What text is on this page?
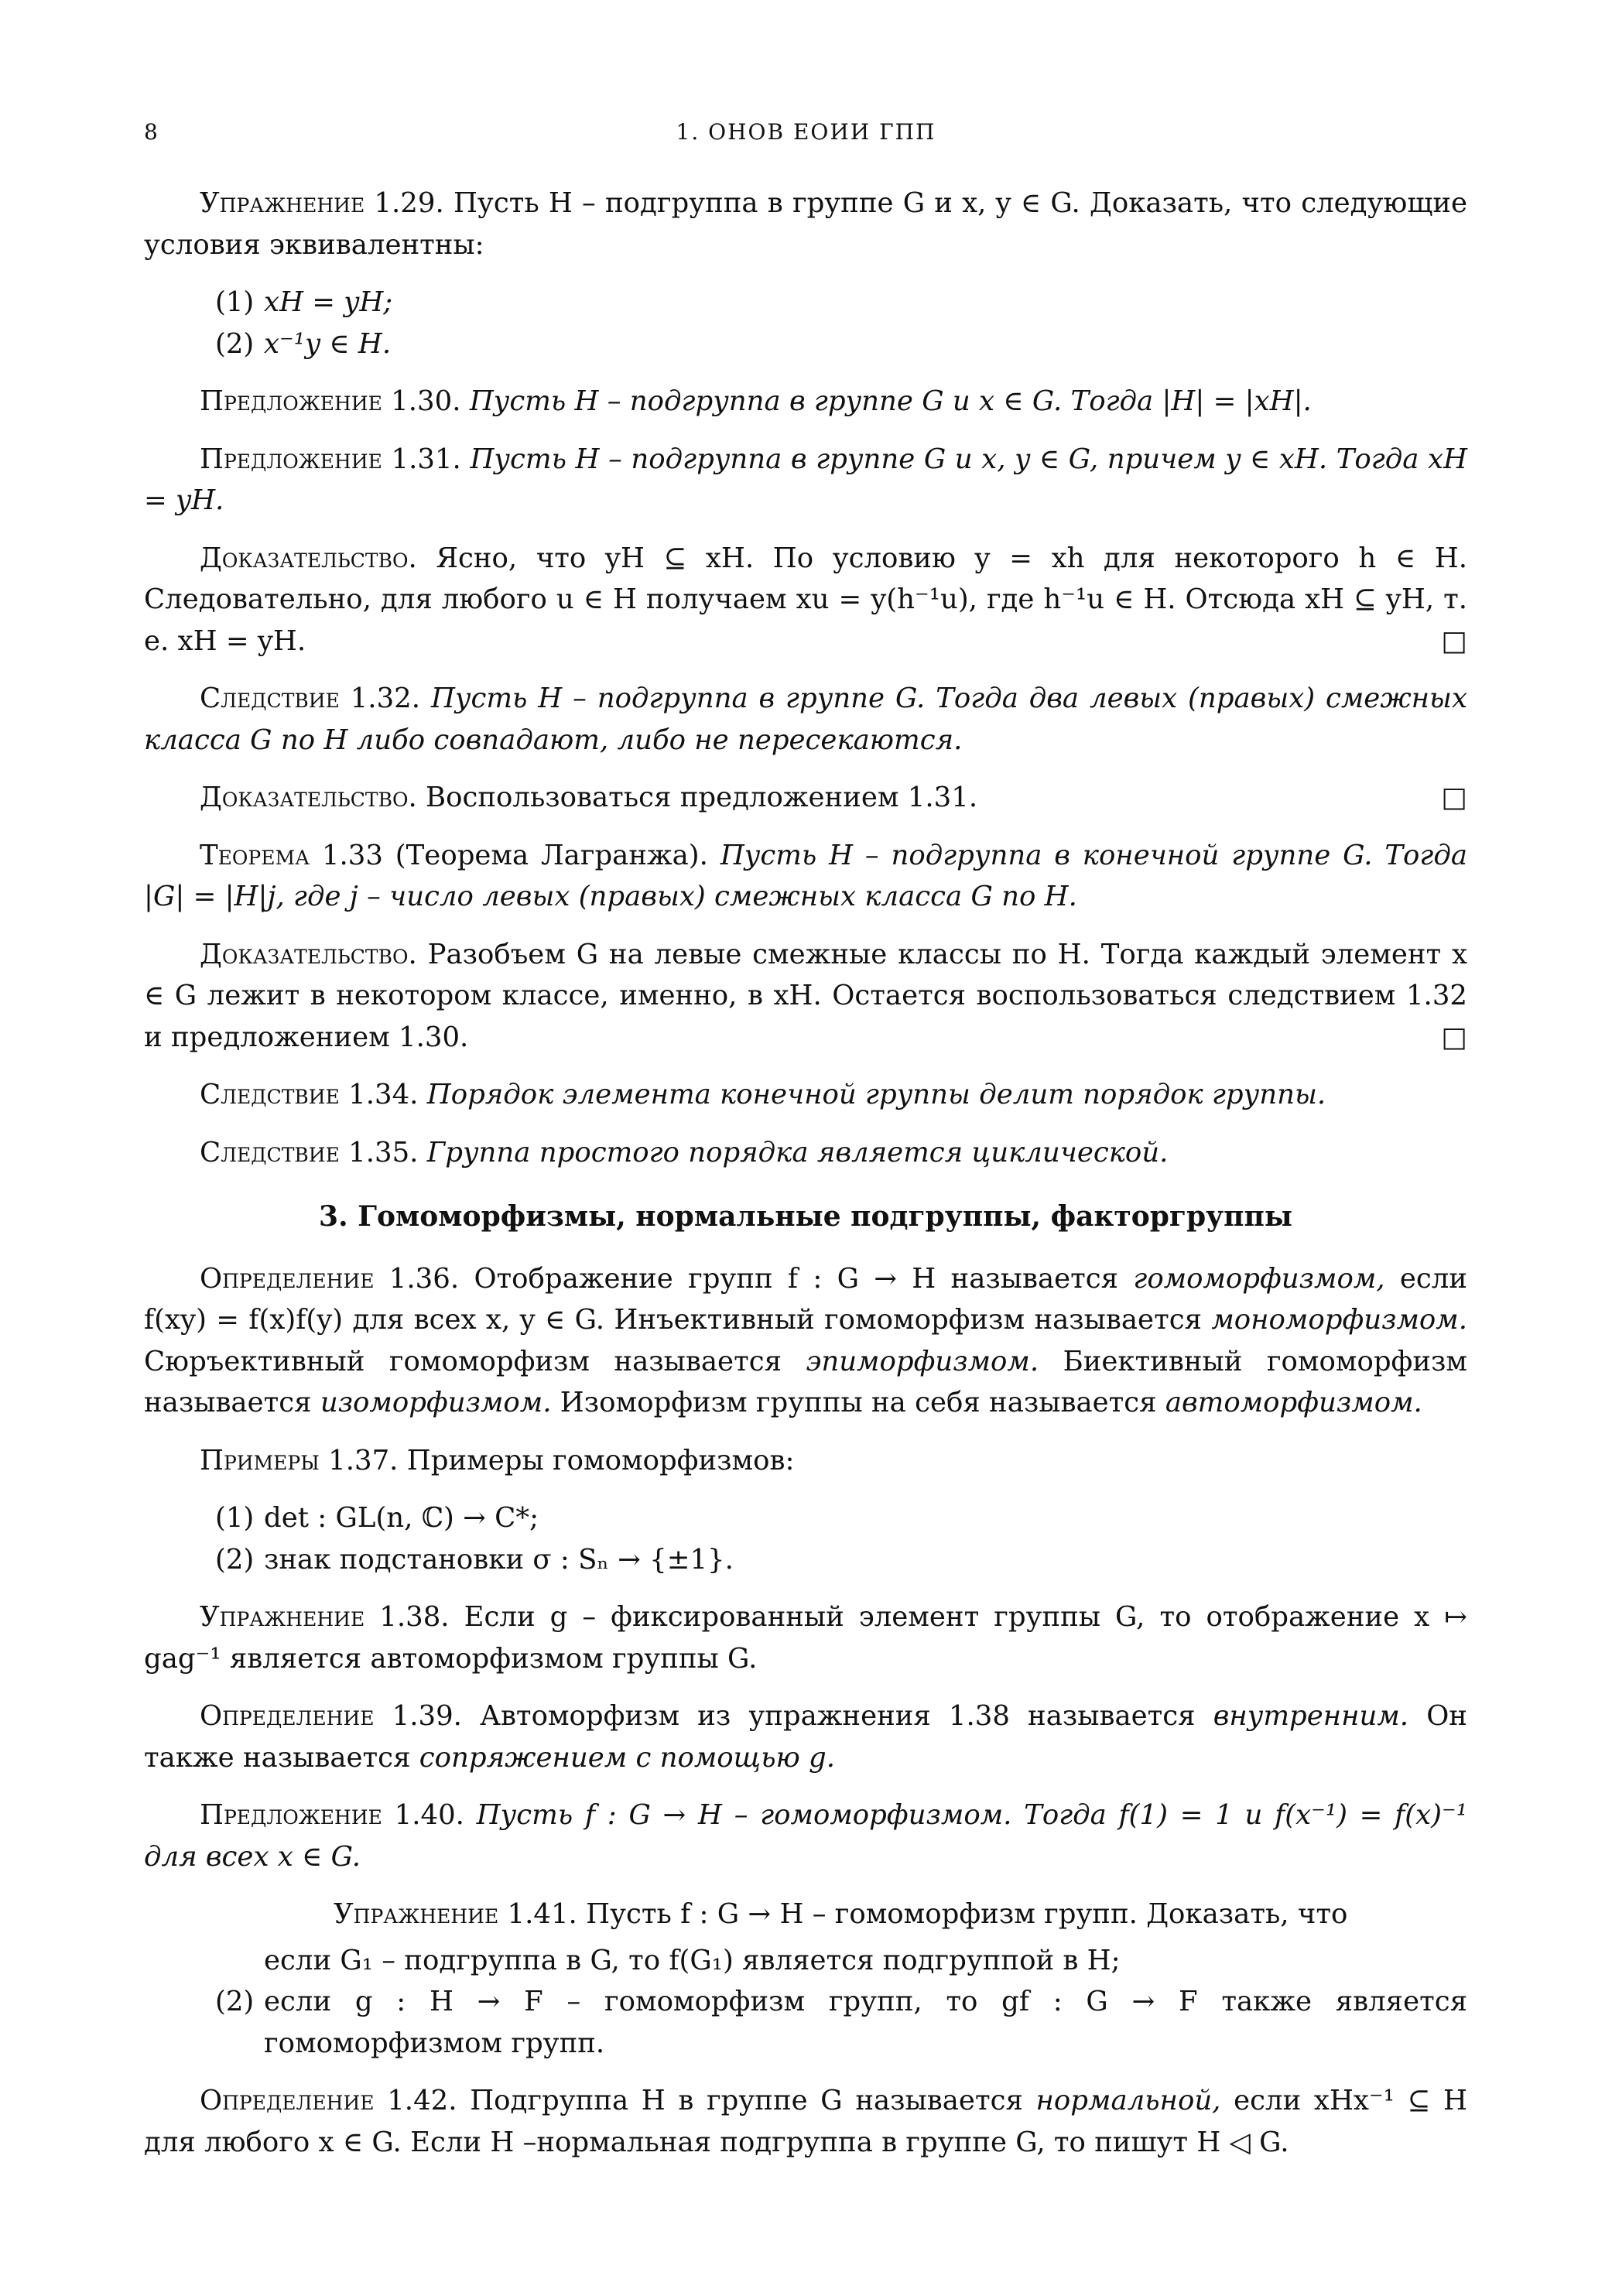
8	1. ОНОВ ЕОИИ ГПП

Упражнение 1.29. Пусть H – подгруппа в группе G и x, y ∈ G. Доказать, что следующие условия эквивалентны:

(1) xH = yH;
(2) x⁻¹y ∈ H.

Предложение 1.30. Пусть H – подгруппа в группе G и x ∈ G. Тогда |H| = |xH|.

Предложение 1.31. Пусть H – подгруппа в группе G и x, y ∈ G, причем y ∈ xH. Тогда xH = yH.

Доказательство. Ясно, что yH ⊆ xH. По условию y = xh для некоторого h ∈ H. Следовательно, для любого u ∈ H получаем xu = y(h⁻¹u), где h⁻¹u ∈ H. Отсюда xH ⊆ yH, т. е. xH = yH.	□

Следствие 1.32. Пусть H – подгруппа в группе G. Тогда два левых (правых) смежных класса G по H либо совпадают, либо не пересекаются.

Доказательство. Воспользоваться предложением 1.31.	□

Теорема 1.33 (Теорема Лагранжа). Пусть H – подгруппа в конечной группе G. Тогда |G| = |H|j, где j – число левых (правых) смежных класса G по H.

Доказательство. Разобъем G на левые смежные классы по H. Тогда каждый элемент x ∈ G лежит в некотором классе, именно, в xH. Остается воспользоваться следствием 1.32 и предложением 1.30.	□

Следствие 1.34. Порядок элемента конечной группы делит порядок группы.

Следствие 1.35. Группа простого порядка является циклической.

3. Гомоморфизмы, нормальные подгруппы, факторгруппы

Определение 1.36. Отображение групп f : G → H называется гомоморфизмом, если f(xy) = f(x)f(y) для всех x, y ∈ G. Инъективный гомоморфизм называется мономорфизмом. Сюръективный гомоморфизм называется эпиморфизмом. Биективный гомоморфизм называется изоморфизмом. Изоморфизм группы на себя называется автоморфизмом.

Примеры 1.37. Примеры гомоморфизмов:

(1) det : GL(n, ℂ) → C*;
(2) знак подстановки σ : Sₙ → {±1}.

Упражнение 1.38. Если g – фиксированный элемент группы G, то отображение x ↦ gag⁻¹ является автоморфизмом группы G.

Определение 1.39. Автоморфизм из упражнения 1.38 называется внутренним. Он также называется сопряжением с помощью g.

Предложение 1.40. Пусть f : G → H – гомоморфизмом. Тогда f(1) = 1 и f(x⁻¹) = f(x)⁻¹ для всех x ∈ G.

Упражнение 1.41. Пусть f : G → H – гомоморфизм групп. Доказать, что

если G₁ – подгруппа в G, то f(G₁) является подгруппой в H;
(2) если g : H → F – гомоморфизм групп, то gf : G → F также является гомоморфизмом групп.

Определение 1.42. Подгруппа H в группе G называется нормальной, если xHx⁻¹ ⊆ H для любого x ∈ G. Если H –нормальная подгруппа в группе G, то пишут H ◁ G.
